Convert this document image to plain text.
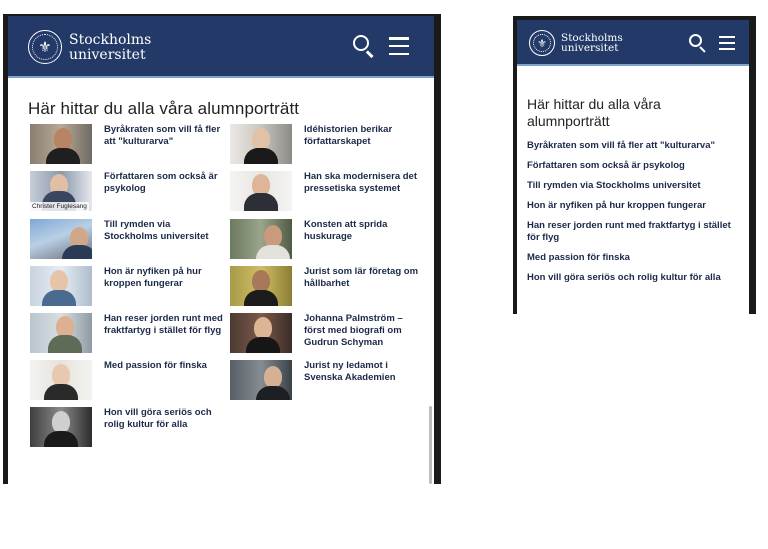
⚜ Stockholms
universitet
Här hittar du alla våra alumnporträtt
Byråkraten som vill få fler att "kulturarva"
Idéhistorien berikar författarskapet
Christer Fuglesang
Författaren som också är psykolog
Han ska modernisera det pressetiska systemet
Till rymden via Stockholms universitet
Konsten att sprida huskurage
Hon är nyfiken på hur kroppen fungerar
Jurist som lär företag om hållbarhet
Han reser jorden runt med fraktfartyg i stället för flyg
Johanna Palmström – först med biografi om Gudrun Schyman
Med passion för finska	Jurist ny ledamot i Svenska Akademien
Hon vill göra seriös och rolig kultur för alla
⚜ Stockholms
universitet
Här hittar du alla våra alumnporträtt
Byråkraten som vill få fler att "kulturarva"
Författaren som också är psykolog
Till rymden via Stockholms universitet
Hon är nyfiken på hur kroppen fungerar
Han reser jorden runt med fraktfartyg i stället för flyg
Med passion för finska
Hon vill göra seriös och rolig kultur för alla
